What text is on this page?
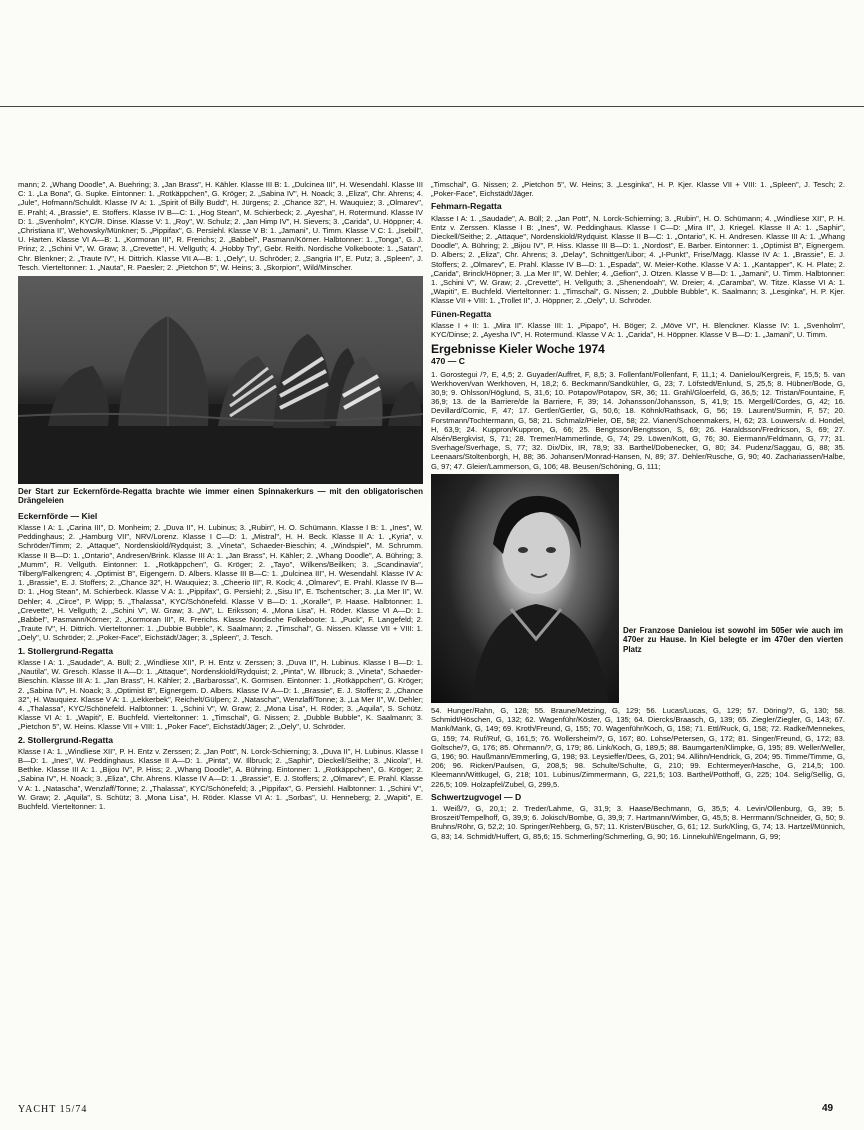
mann; 2. „Whang Doodle", A. Buehring; 3. „Jan Brass", H. Kähler. Klasse III B: 1. „Dulcinea III", H. Wesendahl. Klasse III C: 1. „La Bona", G. Supke. Eintonner: 1. „Rotkäppchen", G. Kröger; 2. „Sabina IV", H. Noack; 3. „Eliza", Chr. Ahrens; 4. „Jule", Hofmann/Schuldt. Klasse IV A: 1. „Spirit of Billy Budd", H. Jürgens; 2. „Chance 32", H. Wauquiez; 3. „Olmarev", E. Prahl; 4. „Brassie", E. Stoffers. Klasse IV B—C: 1. „Hog Stean", M. Schierbeck; 2. „Ayesha", H. Rotermund. Klasse IV D: 1. „Svenholm", KYC/R. Dinse. Klasse V: 1. „Roy", W. Schulz; 2. „Jan Himp IV", H. Sievers; 3. „Carida", U. Höppner; 4. „Christiana II", Wehowsky/Münkner; 5. „Pippifax", G. Persiehl. Klasse V B: 1. „Jamani", U. Timm. Klasse V C: 1. „Isebill", U. Harten. Klasse VI A—B: 1. „Kormoran III", R. Frerichs; 2. „Babbel", Pasmann/Körner. Halbtonner: 1. „Tonga", G. J. Prinz; 2. „Schini V", W. Graw; 3. „Crevette", H. Vellguth; 4. „Hobby Try", Gebr. Reith. Nordische Volkeboote: 1. „Satan", Chr. Blenkner; 2. „Traute IV", H. Dittrich. Klasse VII A—B: 1. „Oely", U. Schröder; 2. „Sangria II", E. Putz; 3. „Spleen", J. Tesch. Vierteltonner: 1. „Nauta", R. Paesler; 2. „Pietchon 5", W. Heins; 3. „Skorpion", Wild/Minscher.

Der Start zur Eckernförde-Regatta brachte wie immer einen Spinnakerkurs — mit den obligatorischen Drängeleien

Eckernförde — Kiel

Klasse I A: 1. „Carina III", D. Monheim; 2. „Duva II", H. Lubinus; 3. „Rubin", H. O. Schümann. Klasse I B: 1. „Ines", W. Peddinghaus; 2. „Hamburg VII", NRV/Lorenz. Klasse I C—D: 1. „Mistral", H. H. Beck. Klasse II A: 1. „Kyria", v. Schröder/Timm; 2. „Attaque", Nordenskiold/Rydquist; 3. „Vineta", Schaeder-Bieschin; 4. „Windspiel", M. Schrumm. Klasse II B—D: 1. „Ontario", Andresen/Brink. Klasse III A: 1. „Jan Brass", H. Kähler; 2. „Whang Doodle", A. Bühring; 3. „Mumm", R. Vellguth. Eintonner: 1. „Rotkäppchen", G. Kröger; 2. „Tayo", Wilkens/Beilken; 3. „Scandinavia", Tilberg/Falkengren; 4. „Optimist B", Eigengern. D. Albers. Klasse III B—C: 1. „Dulcinea III", H. Wesendahl. Klasse IV A: 1. „Brassie", E. J. Stoffers; 2. „Chance 32", H. Wauquiez; 3. „Cheerio III", R. Kock; 4. „Olmarev", E. Prahl. Klasse IV B—D: 1. „Hog Stean", M. Schierbeck. Klasse V A: 1. „Pippifax", G. Persiehl; 2. „Sisu II", E. Tschentscher; 3. „La Mer II", W. Dehler; 4. „Circe", P. Wipp; 5. „Thalassa", KYC/Schönefeld. Klasse V B—D: 1. „Koralle", P. Haase. Halbtonner: 1. „Crevette", H. Vellguth; 2. „Schini V", W. Graw; 3. „IW", L. Eriksson; 4. „Mona Lisa", H. Röder. Klasse VI A—D: 1. „Babbel", Pasmann/Körner; 2. „Kormoran III", R. Frerichs. Klasse Nordische Folkeboote: 1. „Puck", F. Langefeld; 2. „Traute IV", H. Dittrich. Vierteltonner: 1. „Dubbie Bubble", K. Saalmann; 2. „Timschal", G. Nissen. Klasse VII + VIII: 1. „Oely", U. Schröder; 2. „Poker-Face", Eichstädt/Jäger; 3. „Spleen", J. Tesch.

1. Stollergrund-Regatta

Klasse I A: 1. „Saudade", A. Büll; 2. „Windliese XII", P. H. Entz v. Zerssen; 3. „Duva II", H. Lubinus. Klasse I B—D: 1. „Nautila", W. Gresch. Klasse II A—D: 1. „Attaque", Nordenskiold/Rydquist; 2. „Pinta", W. Illbruck; 3. „Vineta", Schaeder-Bieschin. Klasse III A: 1. „Jan Brass", H. Kähler; 2. „Barbarossa", K. Gormsen. Eintonner: 1. „Rotkäppchen", G. Kröger; 2. „Sabina IV", H. Noack; 3. „Optimist B", Eignergem. D. Albers. Klasse IV A—D: 1. „Brassie", E. J. Stoffers; 2. „Chance 32", H. Wauquiez. Klasse V A: 1. „Lekkerbek", Reichelt/Gülpen; 2. „Natascha", Wenzlaff/Tonne; 3. „La Mer II", W. Dehler; 4. „Thalassa", KYC/Schönefeld. Halbtonner: 1. „Schini V", W. Graw; 2. „Mona Lisa", H. Röder; 3. „Aquila", S. Schütz. Klasse VI A: 1. „Wapiti", E. Buchfeld. Vierteltonner: 1. „Timschal", G. Nissen; 2. „Dubble Bubble", K. Saalmann; 3. „Pietchon 5", W. Heins. Klasse VII + VIII: 1. „Poker Face", Eichstädt/Jäger; 2. „Oely", U. Schröder.

2. Stollergrund-Regatta

Klasse I A: 1. „Windliese XII", P. H. Entz v. Zerssen; 2. „Jan Pott", N. Lorck-Schierning; 3. „Duva II", H. Lubinus. Klasse I B—D: 1. „Ines", W. Peddinghaus. Klasse II A—D: 1. „Pinta", W. Illbruck; 2. „Saphir", Dieckell/Seithe; 3. „Nicola", H. Bethke. Klasse III A: 1. „Bijou IV", P. Hiss; 2. „Whang Doodle", A. Bühring. Eintonner: 1. „Rotkäppchen", G. Kröger; 2. „Sabina IV", H. Noack; 3. „Eliza", Chr. Ahrens. Klasse IV A—D: 1. „Brassie", E. J. Stoffers; 2. „Olmarev", E. Prahl. Klasse V A: 1. „Natascha", Wenzlaff/Tonne; 2. „Thalassa", KYC/Schönefeld; 3. „Pippifax", G. Persiehl. Halbtonner: 1. „Schini V", W. Graw; 2. „Aquila", S. Schütz; 3. „Mona Lisa", H. Röder. Klasse VI A: 1. „Sorbas", U. Henneberg; 2. „Wapiti", E. Buchfeld. Vierteltonner: 1.

„Timschal", G. Nissen; 2. „Pietchon 5", W. Heins; 3. „Lesginka", H. P. Kjer. Klasse VII + VIII: 1. „Spleen", J. Tesch; 2. „Poker-Face", Eichstädt/Jäger.

Fehmarn-Regatta

Klasse I A: 1. „Saudade", A. Büll; 2. „Jan Pott", N. Lorck-Schierning; 3. „Rubin", H. O. Schümann; 4. „Windliese XII", P. H. Entz v. Zerssen. Klasse I B: „Ines", W. Peddinghaus. Klasse I C—D: „Mira II", J. Kriegel. Klasse II A: 1. „Saphir", Dieckell/Seithe; 2. „Attaque", Nordenskiold/Rydquist. Klasse II B—C: 1. „Ontario", K. H. Andresen. Klasse III A: 1. „Whang Doodle", A. Bühring; 2. „Bijou IV", P. Hiss. Klasse III B—D: 1. „Nordost", E. Barber. Eintonner: 1. „Optimist B", Eignergem. D. Albers; 2. „Eliza", Chr. Ahrens; 3. „Delay", Schnittger/Libor; 4. „I-Punkt", Frise/Magg. Klasse IV A: 1. „Brassie", E. J. Stoffers; 2. „Olmarev", E. Prahl. Klasse IV B—D: 1. „Espada", W. Meier-Kothe. Klasse V A: 1. „Kantapper", K. H. Plate; 2. „Carida", Brinck/Höpner; 3. „La Mer II", W. Dehler; 4. „Gefion", J. Otzen. Klasse V B—D: 1. „Jamani", U. Timm. Halbtonner: 1. „Schini V", W. Graw; 2. „Crevette", H. Vellguth; 3. „Shenendoah", W. Dreier; 4. „Caramba", W. Titze. Klasse VI A: 1. „Wapiti", E. Buchfeld. Vierteltonner: 1. „Timschal", G. Nissen; 2. „Dubble Bubble", K. Saalmann; 3. „Lesginka", H. P. Kjer. Klasse VII + VIII: 1. „Trollet II", J. Höppner; 2. „Oely", U. Schröder.

Fünen-Regatta

Klasse I + II: 1. „Mira II". Klasse III: 1. „Pipapo", H. Böger; 2. „Möve VI", H. Blenckner. Klasse IV: 1. „Svenholm", KYC/Dinse; 2. „Ayesha IV", H. Rotermund. Klasse V A: 1. „Carida", H. Höppner. Klasse V B—D: 1. „Jamani", U. Timm.

Ergebnisse Kieler Woche 1974
470 — C

1. Gorostegui /?, E, 4,5; 2. Guyader/Auffret, F, 8,5; 3. Follenfant/Follenfant, F, 11,1; 4. Danielou/Kergreis, F, 15,5; 5. van Werkhoven/van Werkhoven, H, 18,2; 6. Beckmann/Sandkühler, G, 23; 7. Löfstedt/Enlund, S, 25,5; 8. Hübner/Bode, G, 30,9; 9. Ohlsson/Höglund, S, 31,6; 10. Potapov/Potapov, SR, 36; 11. Grahl/Gloerfeld, G, 36,5; 12. Tristan/Fountaine, F, 36,9; 13. de la Barriere/de la Barriere, F, 39; 14. Johansson/Johansson, S, 41,9; 15. Mergell/Cordes, G, 42; 16. Devillard/Cornic, F, 47; 17. Gertler/Gertler, G, 50,6; 18. Köhnk/Rathsack, G, 56; 19. Laurent/Surmin, F, 57; 20. Forstmann/Tochtermann, G, 58; 21. Schmalz/Pieler, OE, 58; 22. Vianen/Schoenmakers, H, 62; 23. Louwers/v. d. Hondel, H, 63,9; 24. Kuppron/Kuppron, G, 66; 25. Bengtsson/Bengtsson, S, 69; 26. Haraldsson/Fredricson, S, 69; 27. Alsén/Bergkvist, S, 71; 28. Tremer/Hammerlinde, G, 74; 29. Löwen/Kott, G, 76; 30. Eiermann/Feldmann, G, 77; 31. Sverhage/Sverhage, S, 77; 32. Dix/Dix, IR, 78,9; 33. Barthel/Dobenecker, G, 80; 34. Pudenz/Saggau, G, 88; 35. Leenaars/Stoltenborgh, H, 88; 36. Johansen/Monrad-Hansen, N, 89; 37. Dehler/Rusche, G, 90; 40. Zachariassen/Halbe, G, 97; 47. Gleier/Lammerson, G, 106; 48. Beusen/Schöning, G, 111;

Der Franzose Danielou ist sowohl im 505er wie auch im 470er zu Hause. In Kiel belegte er im 470er den vierten Platz

54. Hunger/Rahn, G, 128; 55. Braune/Metzing, G, 129; 56. Lucas/Lucas, G, 129; 57. Döring/?, G, 130; 58. Schmidt/Höschen, G, 132; 62. Wagenführ/Köster, G, 135; 64. Diercks/Braasch, G, 139; 65. Ziegler/Ziegler, G, 143; 67. Mank/Mank, G, 149; 69. Kroth/Freund, G, 155; 70. Wagenführ/Koch, G, 158; 71. Ettl/Ruck, G, 158; 72. Radke/Mennekes, G, 159; 74. Ruf/Ruf, G, 161,5; 76. Wollersheim/?, G, 167; 80. Lohse/Petersen, G, 172; 81. Singer/Freund, G, 172; 83. Goltsche/?, G, 176; 85. Ohrmann/?, G, 179; 86. Link/Koch, G, 189,5; 88. Baumgarten/Klimpke, G, 195; 89. Weller/Weller, G, 196; 90. Haußmann/Emmerling, G, 198; 93. Leysieffer/Dees, G, 201; 94. Allihn/Hendrick, G, 204; 95. Timme/Timme, G, 206; 96. Ricken/Paulsen, G, 208,5; 98. Schulte/Schulte, G, 210; 99. Echtermeyer/Hasche, G, 214,5; 100. Kleemann/Wittkugel, G, 218; 101. Lubinus/Zimmermann, G, 221,5; 103. Barthel/Potthoff, G, 225; 104. Selig/Sellig, G, 226,5; 109. Holzapfel/Zubel, G, 299,5.

Schwertzugvogel — D

1. Weiß/?, G, 20,1; 2. Treder/Lahme, G, 31,9; 3. Haase/Bechmann, G, 35,5; 4. Levin/Ollenburg, G, 39; 5. Broszeit/Tempelhoff, G, 39,9; 6. Jokisch/Bombe, G, 39,9; 7. Hartmann/Wimber, G, 45,5; 8. Herrmann/Schneider, G, 50; 9. Bruhns/Röhr, G, 52,2; 10. Springer/Rehberg, G, 57; 11. Kristen/Büscher, G, 61; 12. Surk/Kling, G, 74; 13. Hartzel/Münnich, G, 83; 14. Schmidt/Huffert, G, 85,6; 15. Schmerling/Schmerling, G, 90; 16. Linnekuhl/Engelmann, G, 99;

YACHT 15/74	49
